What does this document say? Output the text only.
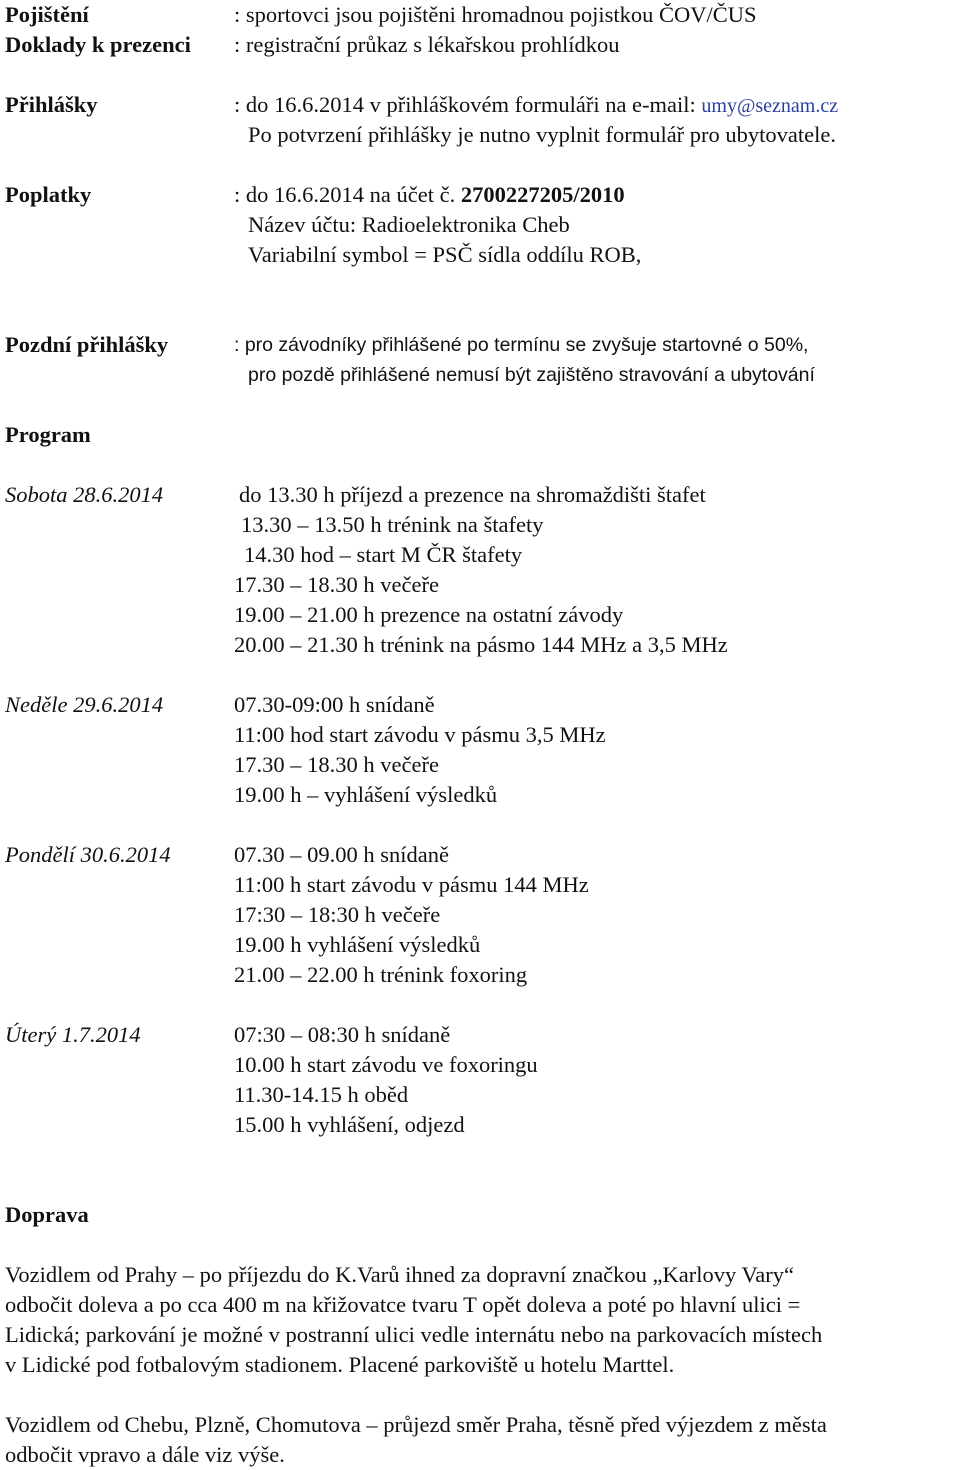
Pojištění	: sportovci jsou pojištěni hromadnou pojistkou ČOV/ČUS
Doklady k prezenci : registrační průkaz s lékařskou prohlídkou
Přihlášky	: do 16.6.2014 v přihláškovém formuláři na e-mail: umy@seznam.cz
Po potvrzení přihlášky je nutno vyplnit formulář pro ubytovatele.
Poplatky	: do 16.6.2014 na účet č. 2700227205/2010
Název účtu: Radioelektronika Cheb
Variabilní symbol = PSČ sídla oddílu ROB,
Pozdní přihlášky	: pro závodníky přihlášené po termínu se zvyšuje startovné o 50%,
pro pozdě přihlášené nemusí být zajištěno stravování a ubytování
Program
Sobota 28.6.2014	do 13.30 h příjezd a prezence na shromaždišti štafet
13.30 – 13.50 h trénink na štafety
14.30 hod – start M ČR štafety
17.30 – 18.30 h večeře
19.00 – 21.00 h prezence na ostatní závody
20.00 – 21.30 h trénink na pásmo 144 MHz a 3,5 MHz
Neděle 29.6.2014	07.30-09:00 h snídaně
11:00 hod start závodu v pásmu 3,5 MHz
17.30 – 18.30 h večeře
19.00 h – vyhlášení výsledků
Pondělí 30.6.2014	07.30 – 09.00 h snídaně
11:00 h start závodu v pásmu 144 MHz
17:30 – 18:30 h večeře
19.00 h vyhlášení výsledků
21.00 – 22.00 h trénink foxoring
Úterý 1.7.2014	07:30 – 08:30 h snídaně
10.00 h start závodu ve foxoringu
11.30-14.15 h oběd
15.00 h vyhlášení, odjezd
Doprava
Vozidlem od Prahy – po příjezdu do K.Varů ihned za dopravní značkou „Karlovy Vary“
odbočit doleva a po cca 400 m na křižovatce tvaru T opět doleva a poté po hlavní ulici =
Lidická; parkování je možné v postranní ulici vedle internátu nebo na parkovacích místech
v Lidické pod fotbalovým stadionem. Placené parkoviště u hotelu Marttel.
Vozidlem od Chebu, Plzně, Chomutova – průjezd směr Praha, těsně před výjezdem z města
odbočit vpravo a dále viz výše.
